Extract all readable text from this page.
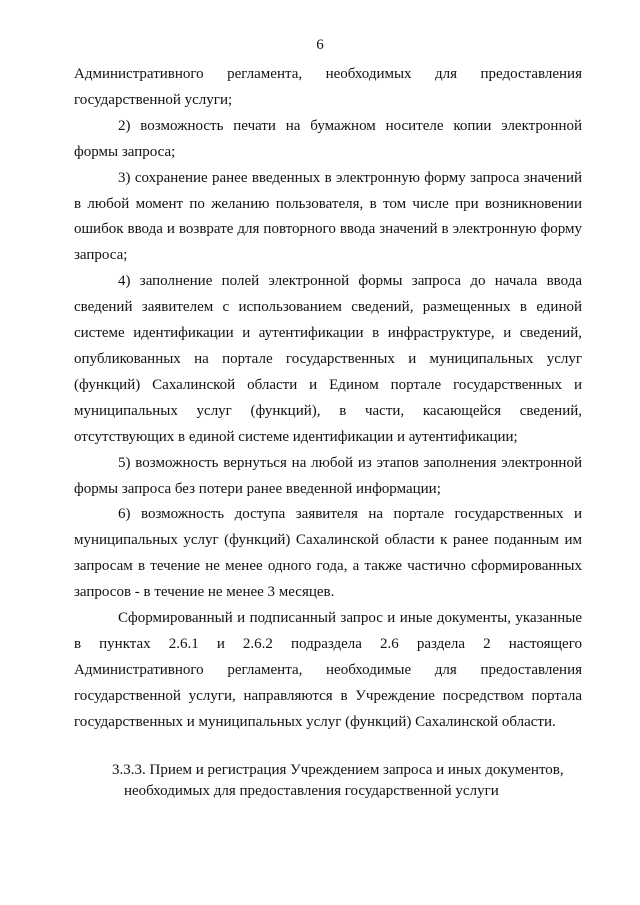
6

Административного регламента, необходимых для предоставления государственной услуги;

2) возможность печати на бумажном носителе копии электронной формы запроса;

3) сохранение ранее введенных в электронную форму запроса значений в любой момент по желанию пользователя, в том числе при возникновении ошибок ввода и возврате для повторного ввода значений в электронную форму запроса;

4) заполнение полей электронной формы запроса до начала ввода сведений заявителем с использованием сведений, размещенных в единой системе идентификации и аутентификации в инфраструктуре, и сведений, опубликованных на портале государственных и муниципальных услуг (функций) Сахалинской области и Едином портале государственных и муниципальных услуг (функций), в части, касающейся сведений, отсутствующих в единой системе идентификации и аутентификации;

5) возможность вернуться на любой из этапов заполнения электронной формы запроса без потери ранее введенной информации;

6) возможность доступа заявителя на портале государственных и муниципальных услуг (функций) Сахалинской области к ранее поданным им запросам в течение не менее одного года, а также частично сформированных запросов - в течение не менее 3 месяцев.

Сформированный и подписанный запрос и иные документы, указанные в пунктах 2.6.1 и 2.6.2 подраздела 2.6 раздела 2 настоящего Административного регламента, необходимые для предоставления государственной услуги, направляются в Учреждение посредством портала государственных и муниципальных услуг (функций) Сахалинской области.

3.3.3. Прием и регистрация Учреждением запроса и иных документов,
необходимых для предоставления государственной услуги
